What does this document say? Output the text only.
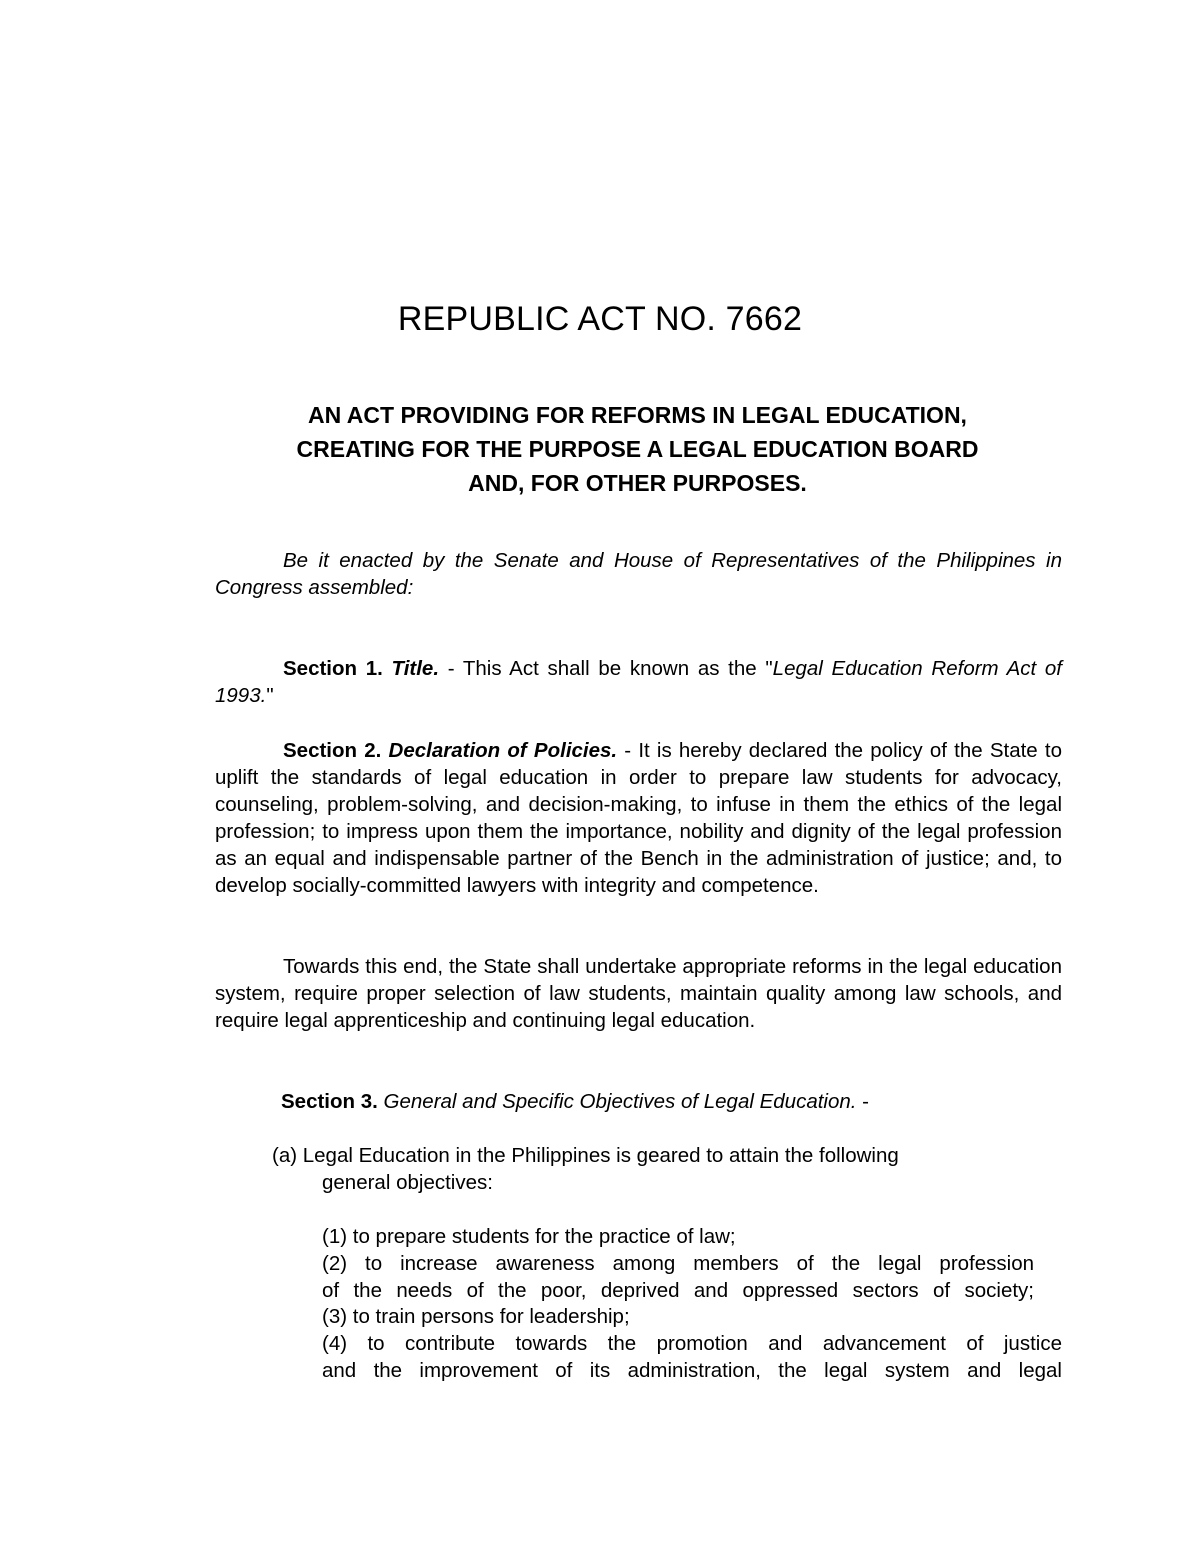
REPUBLIC ACT NO. 7662
AN ACT PROVIDING FOR REFORMS IN LEGAL EDUCATION,
CREATING FOR THE PURPOSE A LEGAL EDUCATION BOARD
AND, FOR OTHER PURPOSES.

Be it enacted by the Senate and House of Representatives of the Philippines in Congress assembled:

Section 1. Title. - This Act shall be known as the "Legal Education Reform Act of 1993."

Section 2. Declaration of Policies. - It is hereby declared the policy of the State to uplift the standards of legal education in order to prepare law students for advocacy, counseling, problem-solving, and decision-making, to infuse in them the ethics of the legal profession; to impress upon them the importance, nobility and dignity of the legal profession as an equal and indispensable partner of the Bench in the administration of justice; and, to develop socially-committed lawyers with integrity and competence.

Towards this end, the State shall undertake appropriate reforms in the legal education system, require proper selection of law students, maintain quality among law schools, and require legal apprenticeship and continuing legal education.

Section 3. General and Specific Objectives of Legal Education. -

(a) Legal Education in the Philippines is geared to attain the following
general objectives:

(1) to prepare students for the practice of law;
(2) to increase awareness among members of the legal profession
of the needs of the poor, deprived and oppressed sectors of society;
(3) to train persons for leadership;
(4) to contribute towards the promotion and advancement of justice
and the improvement of its administration, the legal system and legal
